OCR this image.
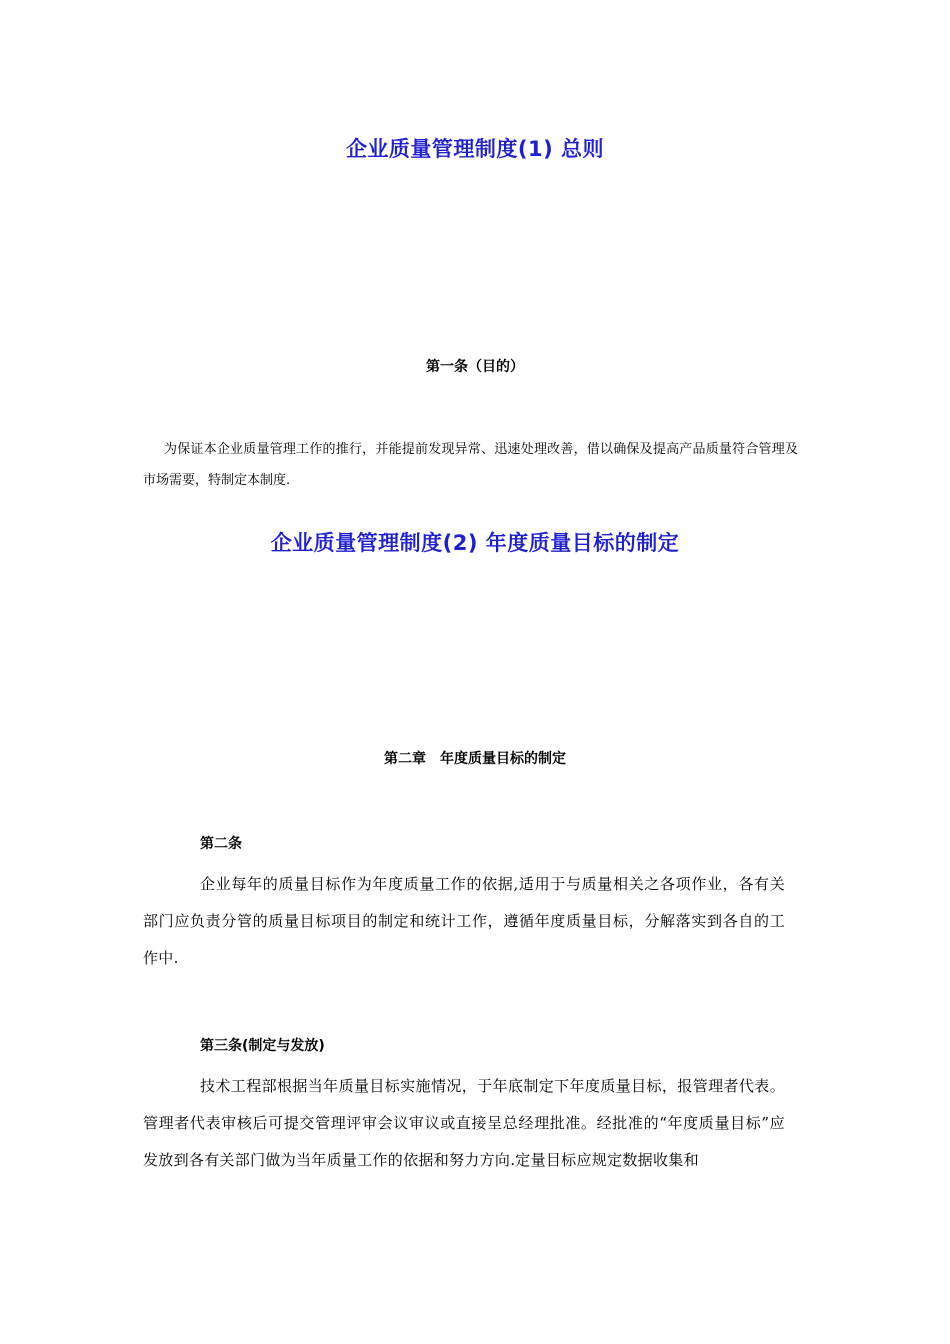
企业质量管理制度(1) 总则
第一条（目的）
为保证本企业质量管理工作的推行，并能提前发现异常、迅速处理改善，借以确保及提高产品质量符合管理及市场需要，特制定本制度.
企业质量管理制度(2) 年度质量目标的制定
第二章　年度质量目标的制定
第二条
企业每年的质量目标作为年度质量工作的依据,适用于与质量相关之各项作业，各有关部门应负责分管的质量目标项目的制定和统计工作，遵循年度质量目标，分解落实到各自的工作中.
第三条(制定与发放)
技术工程部根据当年质量目标实施情况，于年底制定下年度质量目标，报管理者代表。管理者代表审核后可提交管理评审会议审议或直接呈总经理批准。经批准的“年度质量目标”应发放到各有关部门做为当年质量工作的依据和努力方向.定量目标应规定数据收集和
